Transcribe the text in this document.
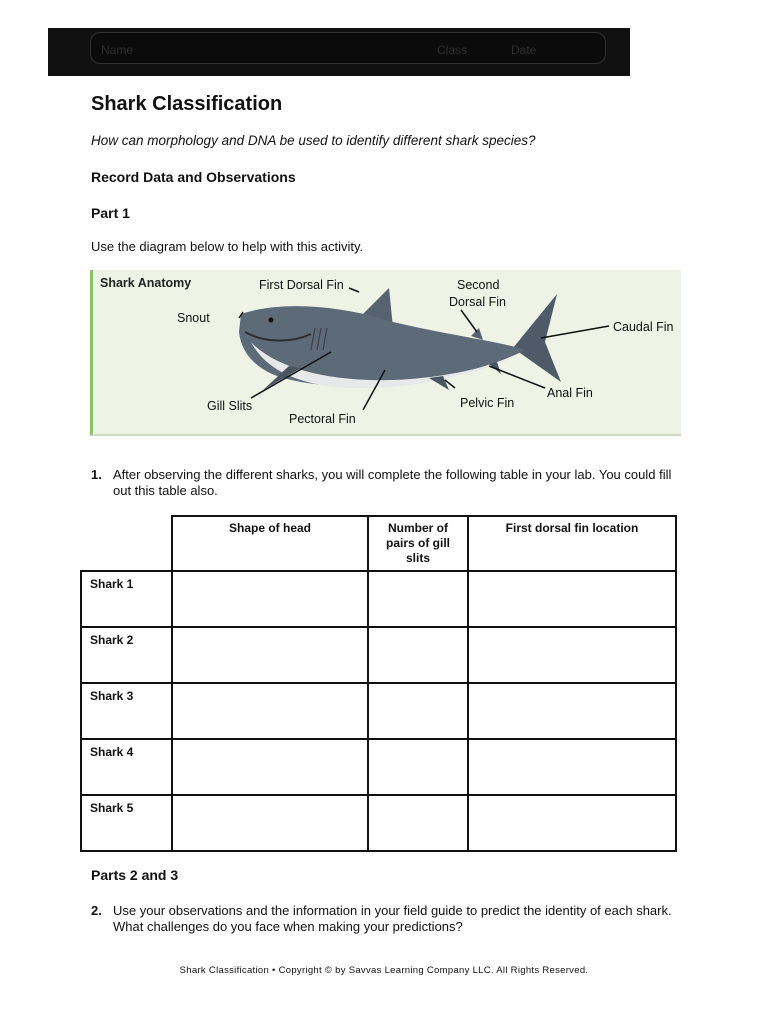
Name	Class	Date
Shark Classification
How can morphology and DNA be used to identify different shark species?
Record Data and Observations
Part 1
Use the diagram below to help with this activity.
Shark Anatomy
Snout
First Dorsal Fin	Second
Dorsal Fin
Caudal Fin
Anal Fin
Pelvic Fin
Pectoral Fin
Gill Slits
1. After observing the different sharks, you will complete the following table in your lab. You could fill out this table also.
	Shape of head	Number of pairs of gill slits	First dorsal fin location
Shark 1			
Shark 2			
Shark 3			
Shark 4			
Shark 5			
Parts 2 and 3
2. Use your observations and the information in your field guide to predict the identity of each shark. What challenges do you face when making your predictions?
Shark Classification • Copyright © by Savvas Learning Company LLC. All Rights Reserved.
